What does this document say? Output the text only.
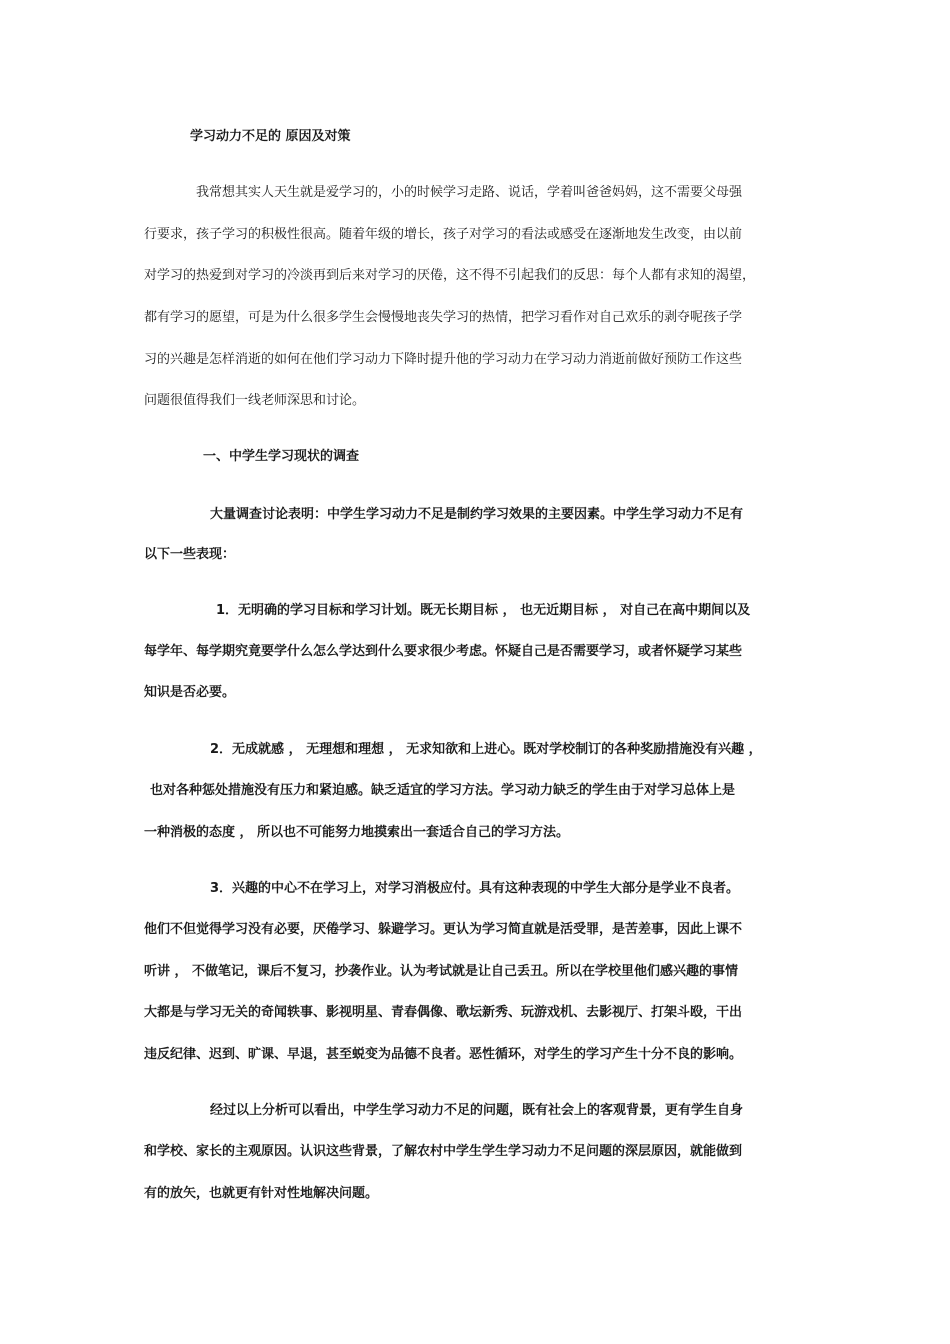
学习动力不足的 原因及对策
我常想其实人天生就是爱学习的，小的时候学习走路、说话，学着叫爸爸妈妈，这不需要父母强
行要求，孩子学习的积极性很高。随着年级的增长，孩子对学习的看法或感受在逐渐地发生改变，由以前
对学习的热爱到对学习的冷淡再到后来对学习的厌倦，这不得不引起我们的反思：每个人都有求知的渴望，
都有学习的愿望，可是为什么很多学生会慢慢地丧失学习的热情，把学习看作对自己欢乐的剥夺呢孩子学
习的兴趣是怎样消逝的如何在他们学习动力下降时提升他的学习动力在学习动力消逝前做好预防工作这些
问题很值得我们一线老师深思和讨论。
一、中学生学习现状的调查
大量调查讨论表明：中学生学习动力不足是制约学习效果的主要因素。中学生学习动力不足有
以下一些表现：
1．无明确的学习目标和学习计划。既无长期目标 ， 也无近期目标 ， 对自己在高中期间以及
每学年、每学期究竟要学什么怎么学达到什么要求很少考虑。怀疑自己是否需要学习，或者怀疑学习某些
知识是否必要。
2．无成就感 ， 无理想和理想 ， 无求知欲和上进心。既对学校制订的各种奖励措施没有兴趣 ，
也对各种惩处措施没有压力和紧迫感。缺乏适宜的学习方法。学习动力缺乏的学生由于对学习总体上是
一种消极的态度 ， 所以也不可能努力地摸索出一套适合自己的学习方法。
3．兴趣的中心不在学习上，对学习消极应付。具有这种表现的中学生大部分是学业不良者。
他们不但觉得学习没有必要，厌倦学习、躲避学习。更认为学习简直就是活受罪，是苦差事，因此上课不
听讲 ， 不做笔记，课后不复习，抄袭作业。认为考试就是让自己丢丑。所以在学校里他们感兴趣的事情
大都是与学习无关的奇闻轶事、影视明星、青春偶像、歌坛新秀、玩游戏机、去影视厅、打架斗殴，干出
违反纪律、迟到、旷课、早退，甚至蜕变为品德不良者。恶性循环，对学生的学习产生十分不良的影响。
经过以上分析可以看出，中学生学习动力不足的问题，既有社会上的客观背景，更有学生自身
和学校、家长的主观原因。认识这些背景，了解农村中学生学生学习动力不足问题的深层原因，就能做到
有的放矢，也就更有针对性地解决问题。
